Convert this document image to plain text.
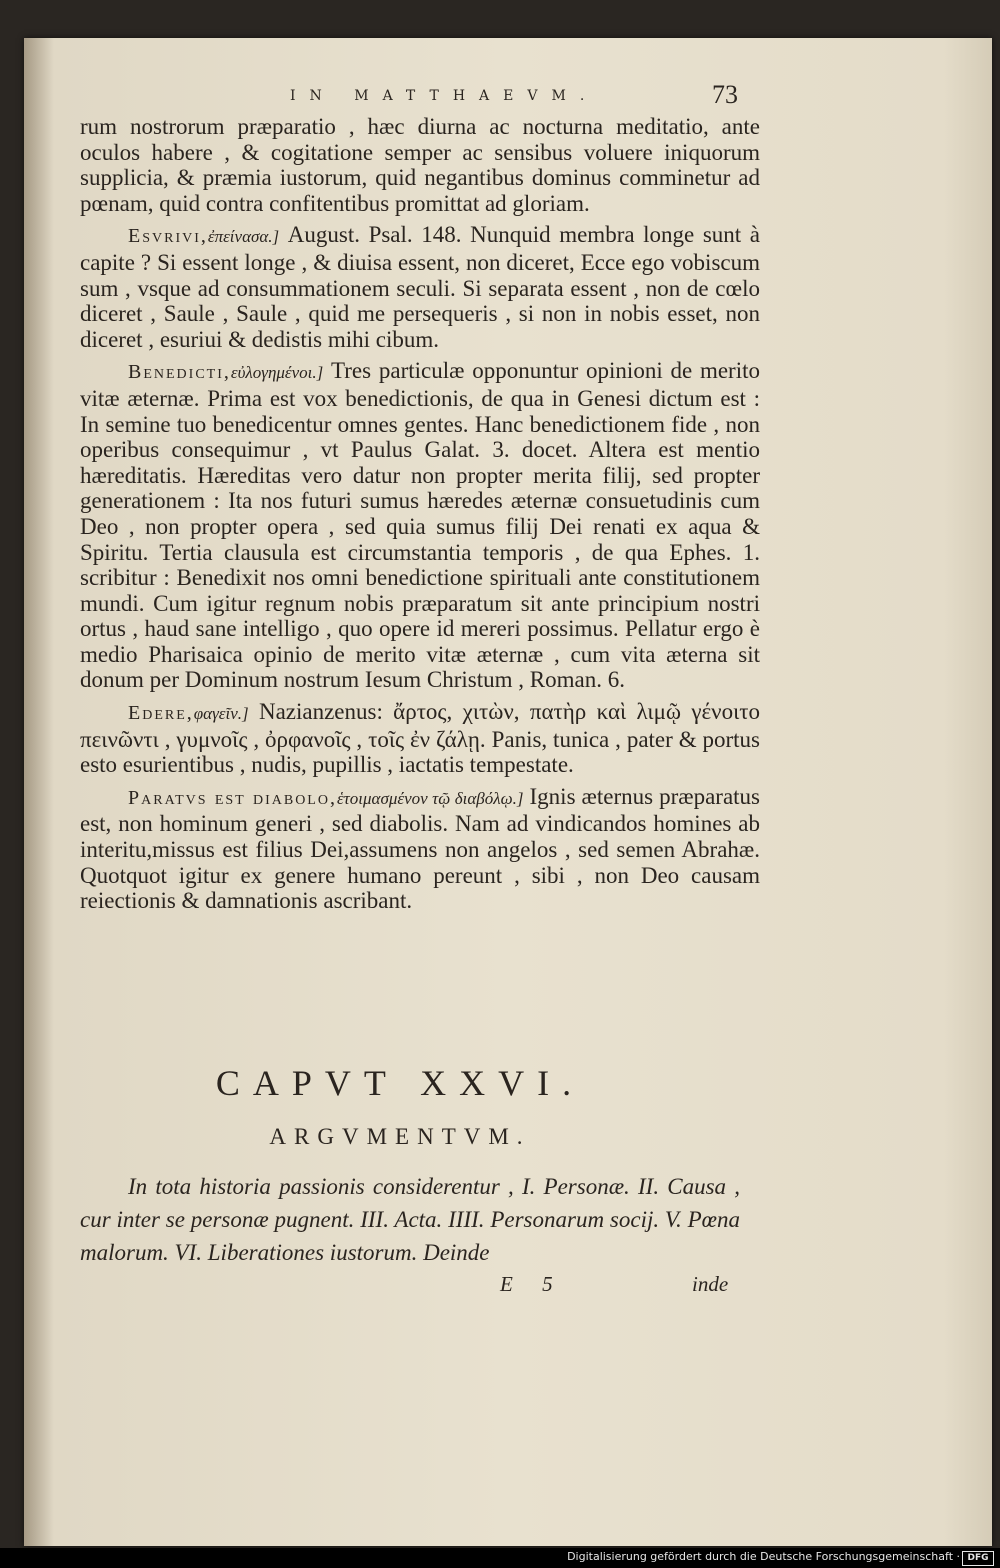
IN MATTHAEVM.	73

rum nostrorum præparatio , hæc diurna ac nocturna meditatio, ante oculos habere , & cogitatione semper ac sensibus voluere iniquorum supplicia, & præmia iustorum, quid negantibus dominus comminetur ad pœnam, quid contra confitentibus promittat ad gloriam.

Esvrivi,ἐπείνασα.] August. Psal. 148. Nunquid membra longe sunt à capite ? Si essent longe , & diuisa essent, non diceret, Ecce ego vobiscum sum , vsque ad consummationem seculi. Si separata essent , non de cœlo diceret , Saule , Saule , quid me persequeris , si non in nobis esset, non diceret , esuriui & dedistis mihi cibum.

Benedicti,εὐλογημένοι.] Tres particulæ opponuntur opinioni de merito vitæ æternæ. Prima est vox benedictionis, de qua in Genesi dictum est : In semine tuo benedicentur omnes gentes. Hanc benedictionem fide , non operibus consequimur , vt Paulus Galat. 3. docet. Altera est mentio hæreditatis. Hæreditas vero datur non propter merita filij, sed propter generationem : Ita nos futuri sumus hæredes æternæ consuetudinis cum Deo , non propter opera , sed quia sumus filij Dei renati ex aqua & Spiritu. Tertia clausula est circumstantia temporis , de qua Ephes. 1. scribitur : Benedixit nos omni benedictione spirituali ante constitutionem mundi. Cum igitur regnum nobis præparatum sit ante principium nostri ortus , haud sane intelligo , quo opere id mereri possimus. Pellatur ergo è medio Pharisaica opinio de merito vitæ æternæ , cum vita æterna sit donum per Dominum nostrum Iesum Christum , Roman. 6.

Edere,φαγεῖν.] Nazianzenus: ἄρτος, χιτὼν, πατὴρ καὶ λιμῷ γένοιτο πεινῶντι , γυμνοῖς , ὀρφανοῖς , τοῖς ἐν ζάλῃ. Panis, tunica , pater & portus esto esurientibus , nudis, pupillis , iactatis tempestate.

Paratvs est diabolo,ἑτοιμασμένον τῷ διαβόλῳ.] Ignis æternus præparatus est, non hominum generi , sed diabolis. Nam ad vindicandos homines ab interitu,missus est filius Dei,assumens non angelos , sed semen Abrahæ. Quotquot igitur ex genere humano pereunt , sibi , non Deo causam reiectionis & damnationis ascribant.

CAPVT XXVI.
ARGVMENTVM.
In tota historia passionis considerentur , I. Personæ. II. Causa , cur inter se personæ pugnent. III. Acta. IIII. Personarum socij. V. Pœna malorum. VI. Liberationes iustorum. Deinde
E 5	inde
Digitalisierung gefördert durch die Deutsche Forschungsgemeinschaft · DFG
